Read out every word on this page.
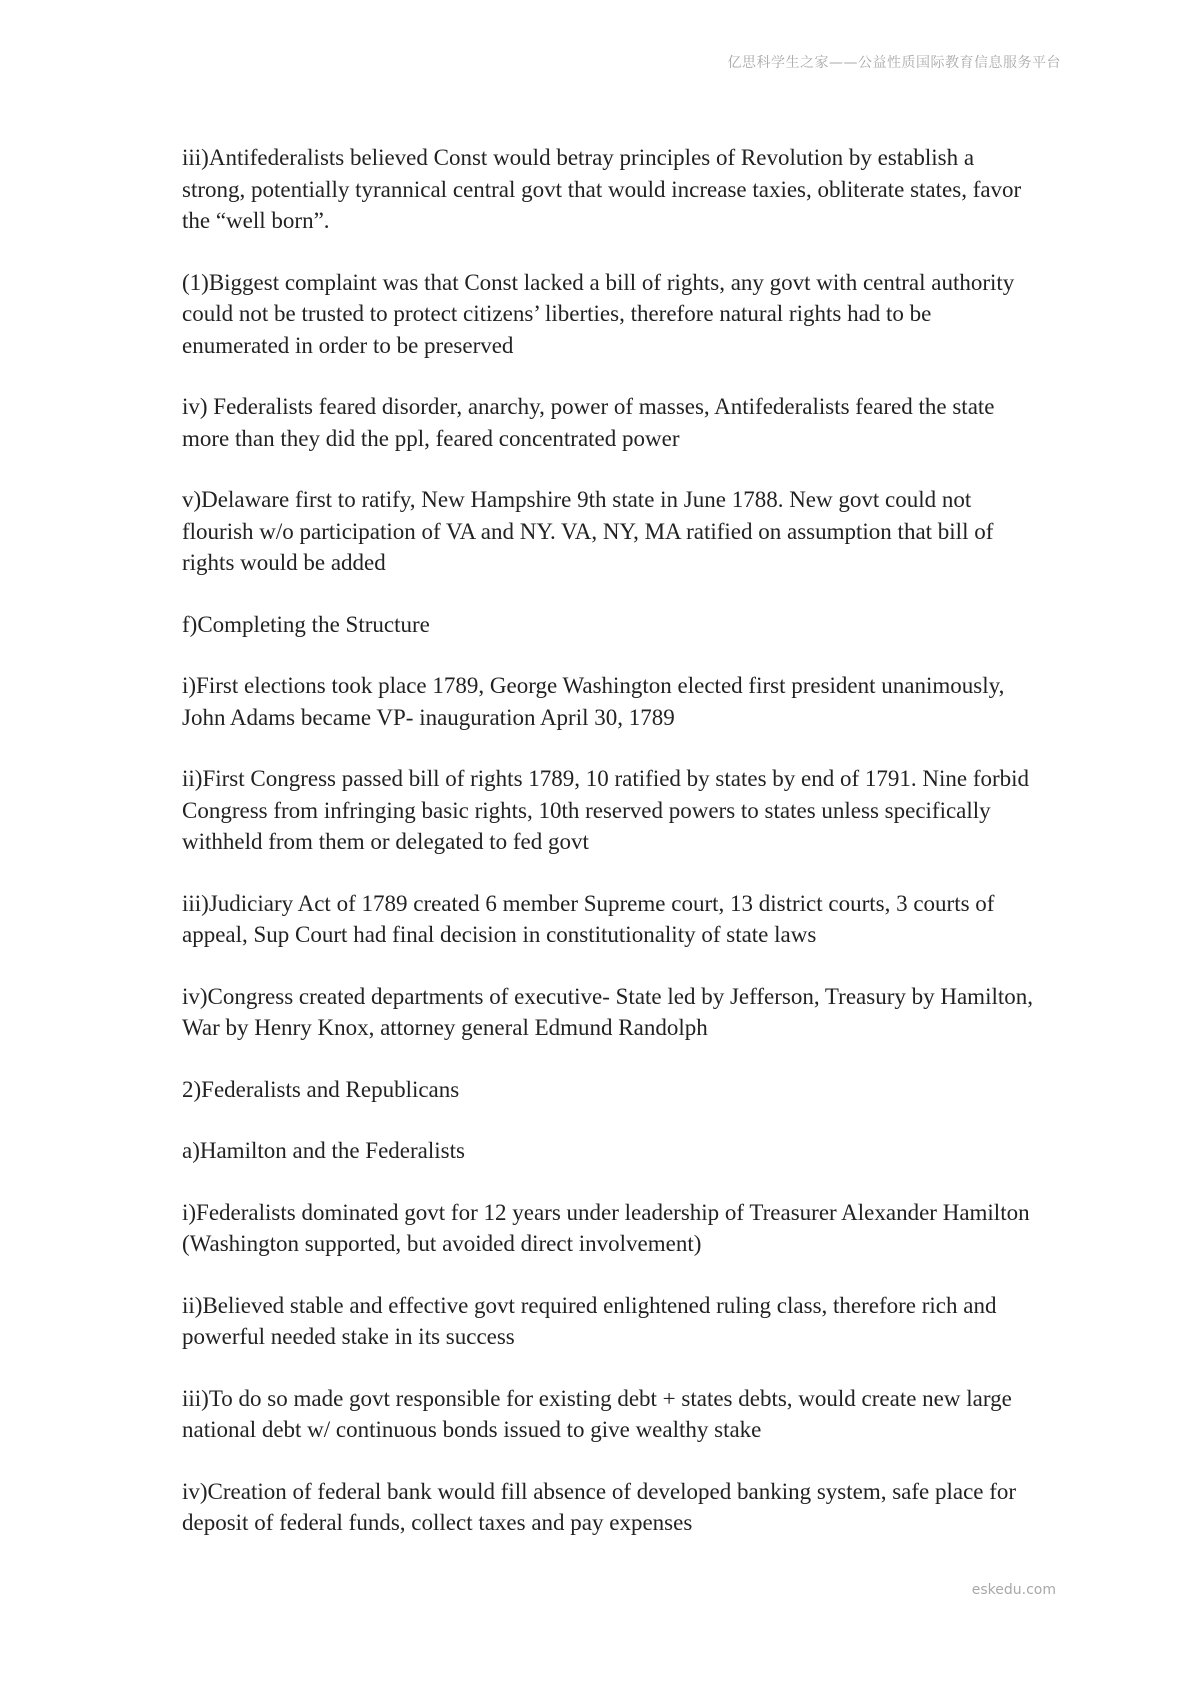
亿思科学生之家——公益性质国际教育信息服务平台

iii)Antifederalists believed Const would betray principles of Revolution by establish a strong, potentially tyrannical central govt that would increase taxies, obliterate states, favor the “well born”.

(1)Biggest complaint was that Const lacked a bill of rights, any govt with central authority could not be trusted to protect citizens’ liberties, therefore natural rights had to be enumerated in order to be preserved

iv) Federalists feared disorder, anarchy, power of masses, Antifederalists feared the state more than they did the ppl, feared concentrated power

v)Delaware first to ratify, New Hampshire 9th state in June 1788. New govt could not flourish w/o participation of VA and NY. VA, NY, MA ratified on assumption that bill of rights would be added

f)Completing the Structure

i)First elections took place 1789, George Washington elected first president unanimously, John Adams became VP- inauguration April 30, 1789

ii)First Congress passed bill of rights 1789, 10 ratified by states by end of 1791. Nine forbid Congress from infringing basic rights, 10th reserved powers to states unless specifically withheld from them or delegated to fed govt

iii)Judiciary Act of 1789 created 6 member Supreme court, 13 district courts, 3 courts of appeal, Sup Court had final decision in constitutionality of state laws

iv)Congress created departments of executive- State led by Jefferson, Treasury by Hamilton, War by Henry Knox, attorney general Edmund Randolph

2)Federalists and Republicans

a)Hamilton and the Federalists

i)Federalists dominated govt for 12 years under leadership of Treasurer Alexander Hamilton (Washington supported, but avoided direct involvement)

ii)Believed stable and effective govt required enlightened ruling class, therefore rich and powerful needed stake in its success

iii)To do so made govt responsible for existing debt + states debts, would create new large national debt w/ continuous bonds issued to give wealthy stake

iv)Creation of federal bank would fill absence of developed banking system, safe place for deposit of federal funds, collect taxes and pay expenses

eskedu.com
